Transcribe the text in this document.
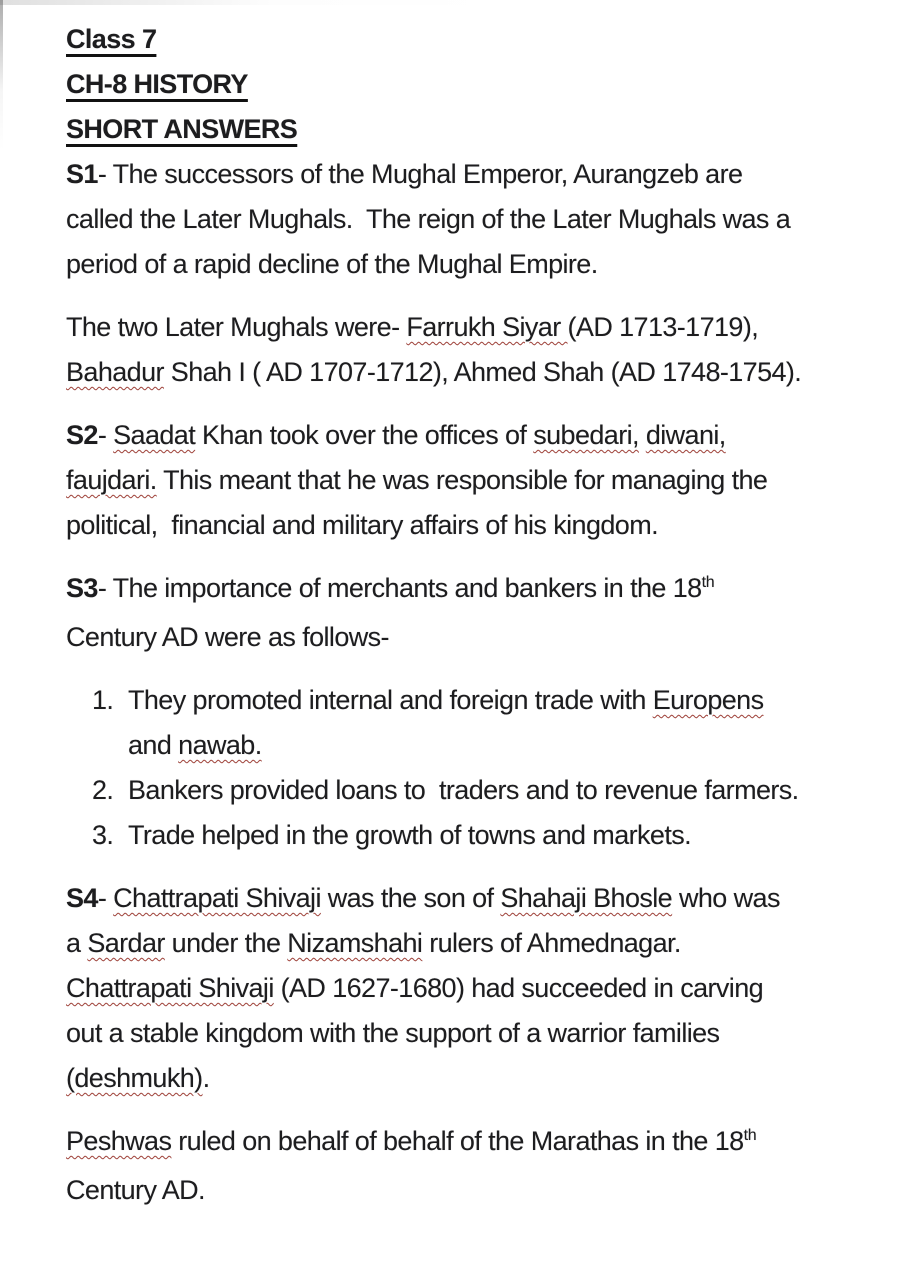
Class 7
CH-8 HISTORY
SHORT ANSWERS
S1- The successors of the Mughal Emperor, Aurangzeb are
called the Later Mughals.  The reign of the Later Mughals was a
period of a rapid decline of the Mughal Empire.
The two Later Mughals were- Farrukh Siyar (AD 1713-1719),
Bahadur Shah I ( AD 1707-1712), Ahmed Shah (AD 1748-1754).
S2- Saadat Khan took over the offices of subedari, diwani,
faujdari. This meant that he was responsible for managing the
political,  financial and military affairs of his kingdom.
S3- The importance of merchants and bankers in the 18th
Century AD were as follows-
1. They promoted internal and foreign trade with Europens
and nawab.
2. Bankers provided loans to  traders and to revenue farmers.
3. Trade helped in the growth of towns and markets.
S4- Chattrapati Shivaji was the son of Shahaji Bhosle who was
a Sardar under the Nizamshahi rulers of Ahmednagar.
Chattrapati Shivaji (AD 1627-1680) had succeeded in carving
out a stable kingdom with the support of a warrior families
(deshmukh).
Peshwas ruled on behalf of behalf of the Marathas in the 18th
Century AD.
